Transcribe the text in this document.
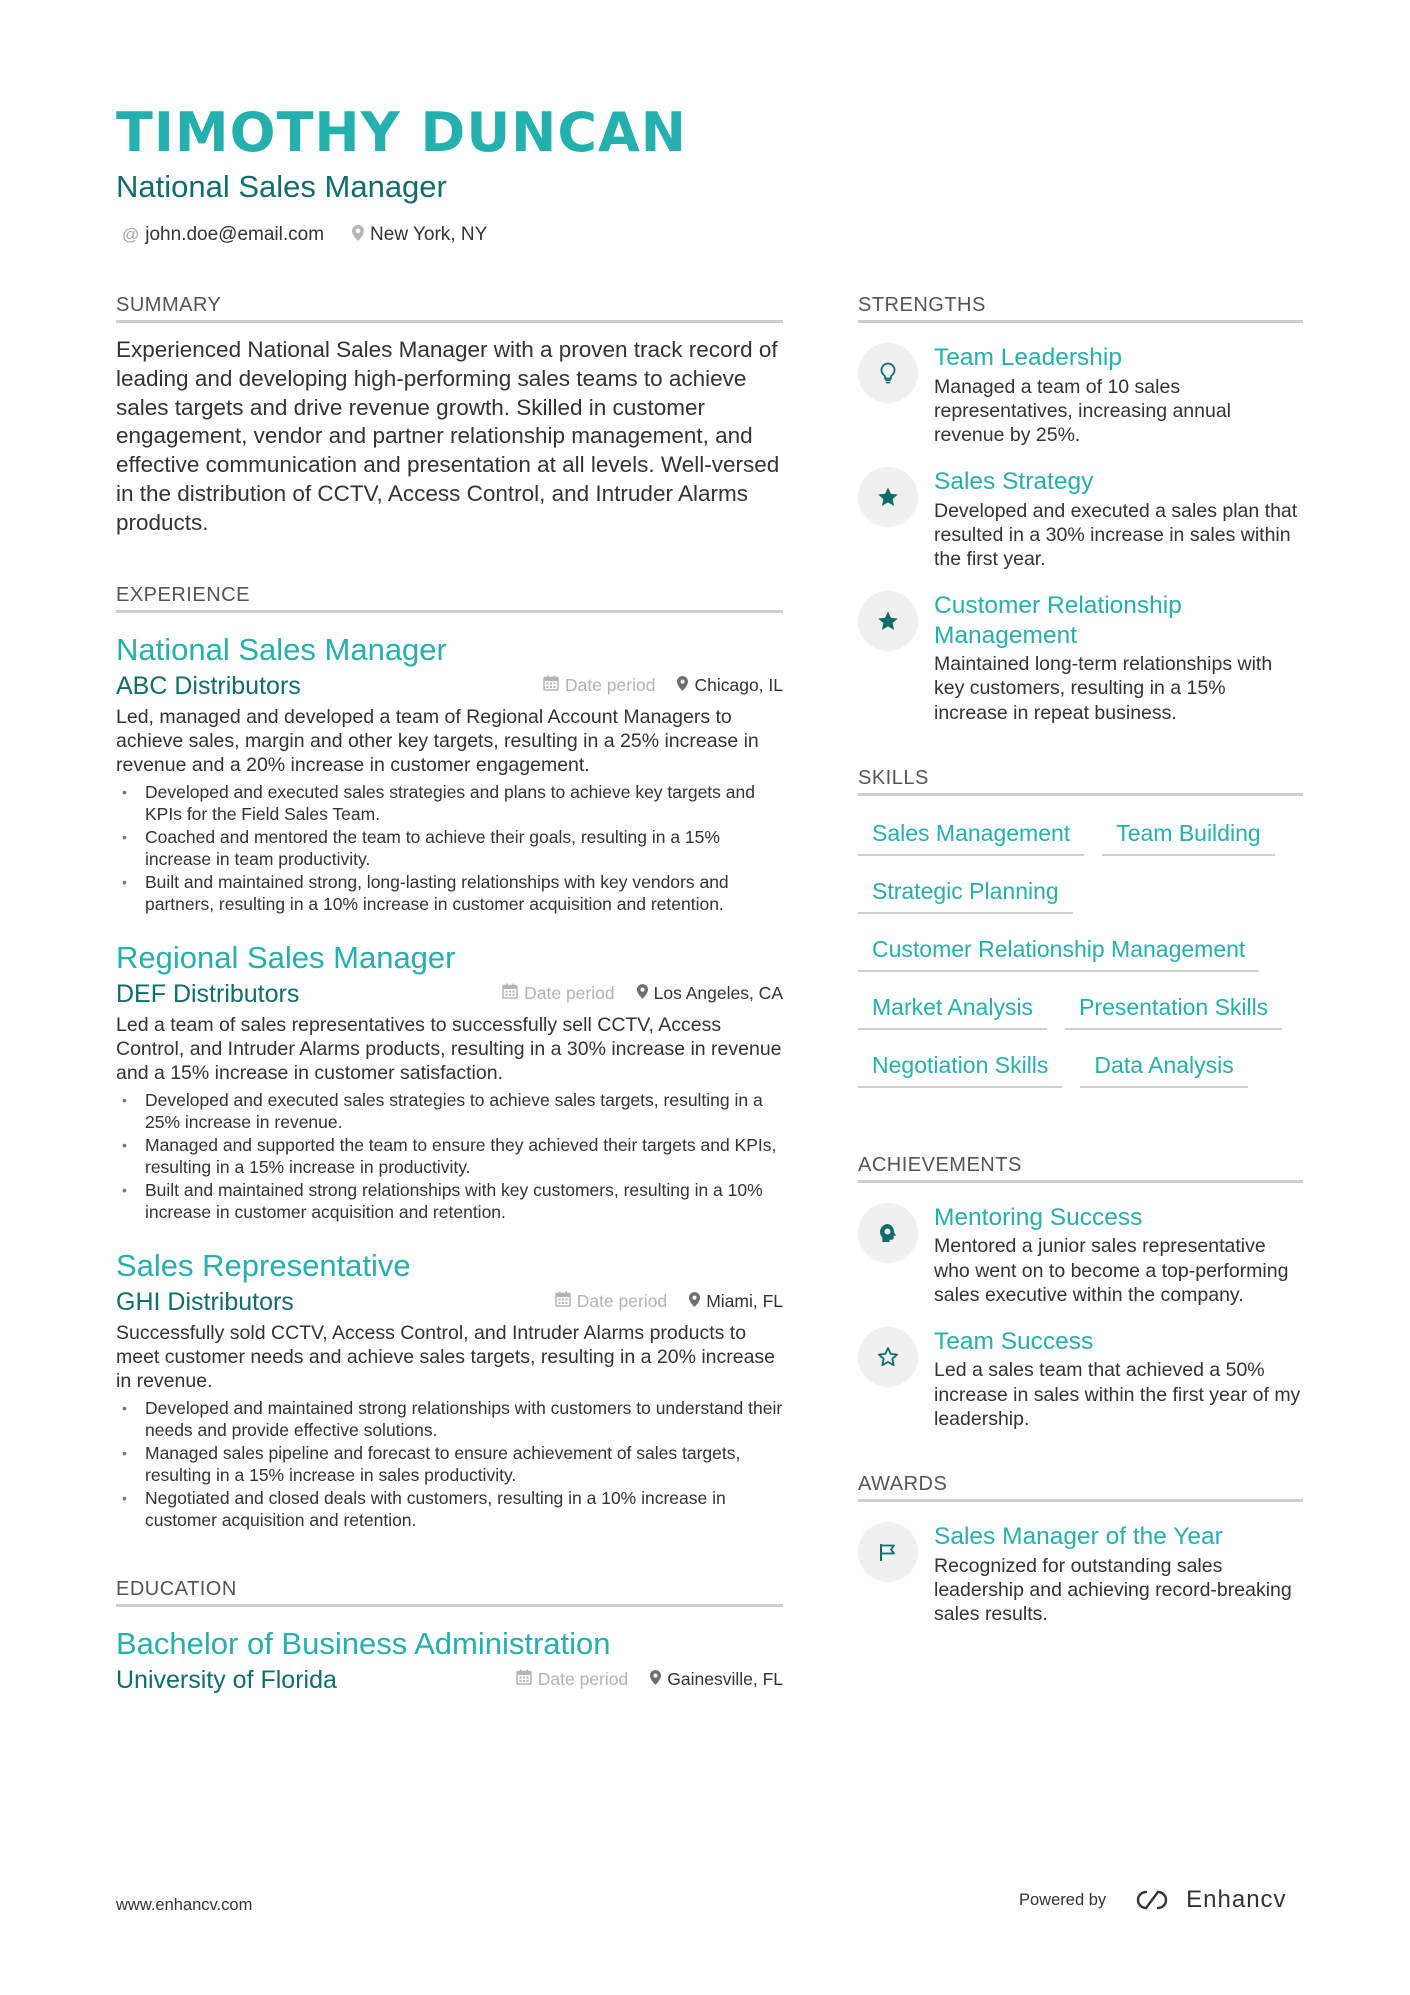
TIMOTHY DUNCAN
National Sales Manager
@ john.doe@email.com New York, NY
SUMMARY
Experienced National Sales Manager with a proven track record of leading and developing high-performing sales teams to achieve sales targets and drive revenue growth. Skilled in customer engagement, vendor and partner relationship management, and effective communication and presentation at all levels. Well-versed in the distribution of CCTV, Access Control, and Intruder Alarms products.
EXPERIENCE
National Sales Manager
ABC Distributors	Date period Chicago, IL
Led, managed and developed a team of Regional Account Managers to achieve sales, margin and other key targets, resulting in a 25% increase in revenue and a 20% increase in customer engagement.
• Developed and executed sales strategies and plans to achieve key targets and KPIs for the Field Sales Team.
• Coached and mentored the team to achieve their goals, resulting in a 15% increase in team productivity.
• Built and maintained strong, long-lasting relationships with key vendors and partners, resulting in a 10% increase in customer acquisition and retention.
Regional Sales Manager
DEF Distributors	Date period Los Angeles, CA
Led a team of sales representatives to successfully sell CCTV, Access Control, and Intruder Alarms products, resulting in a 30% increase in revenue and a 15% increase in customer satisfaction.
• Developed and executed sales strategies to achieve sales targets, resulting in a 25% increase in revenue.
• Managed and supported the team to ensure they achieved their targets and KPIs, resulting in a 15% increase in productivity.
• Built and maintained strong relationships with key customers, resulting in a 10% increase in customer acquisition and retention.
Sales Representative
GHI Distributors	Date period Miami, FL
Successfully sold CCTV, Access Control, and Intruder Alarms products to meet customer needs and achieve sales targets, resulting in a 20% increase in revenue.
• Developed and maintained strong relationships with customers to understand their needs and provide effective solutions.
• Managed sales pipeline and forecast to ensure achievement of sales targets, resulting in a 15% increase in sales productivity.
• Negotiated and closed deals with customers, resulting in a 10% increase in customer acquisition and retention.
EDUCATION
Bachelor of Business Administration
University of Florida	Date period Gainesville, FL
STRENGTHS
Team Leadership
Managed a team of 10 sales representatives, increasing annual revenue by 25%.
Sales Strategy
Developed and executed a sales plan that resulted in a 30% increase in sales within the first year.
Customer Relationship Management
Maintained long-term relationships with key customers, resulting in a 15% increase in repeat business.
SKILLS
Sales Management	Team Building
Strategic Planning
Customer Relationship Management
Market Analysis	Presentation Skills
Negotiation Skills	Data Analysis
ACHIEVEMENTS
Mentoring Success
Mentored a junior sales representative who went on to become a top-performing sales executive within the company.
Team Success
Led a sales team that achieved a 50% increase in sales within the first year of my leadership.
AWARDS
Sales Manager of the Year
Recognized for outstanding sales leadership and achieving record-breaking sales results.
www.enhancv.com	Powered by	Enhancv
